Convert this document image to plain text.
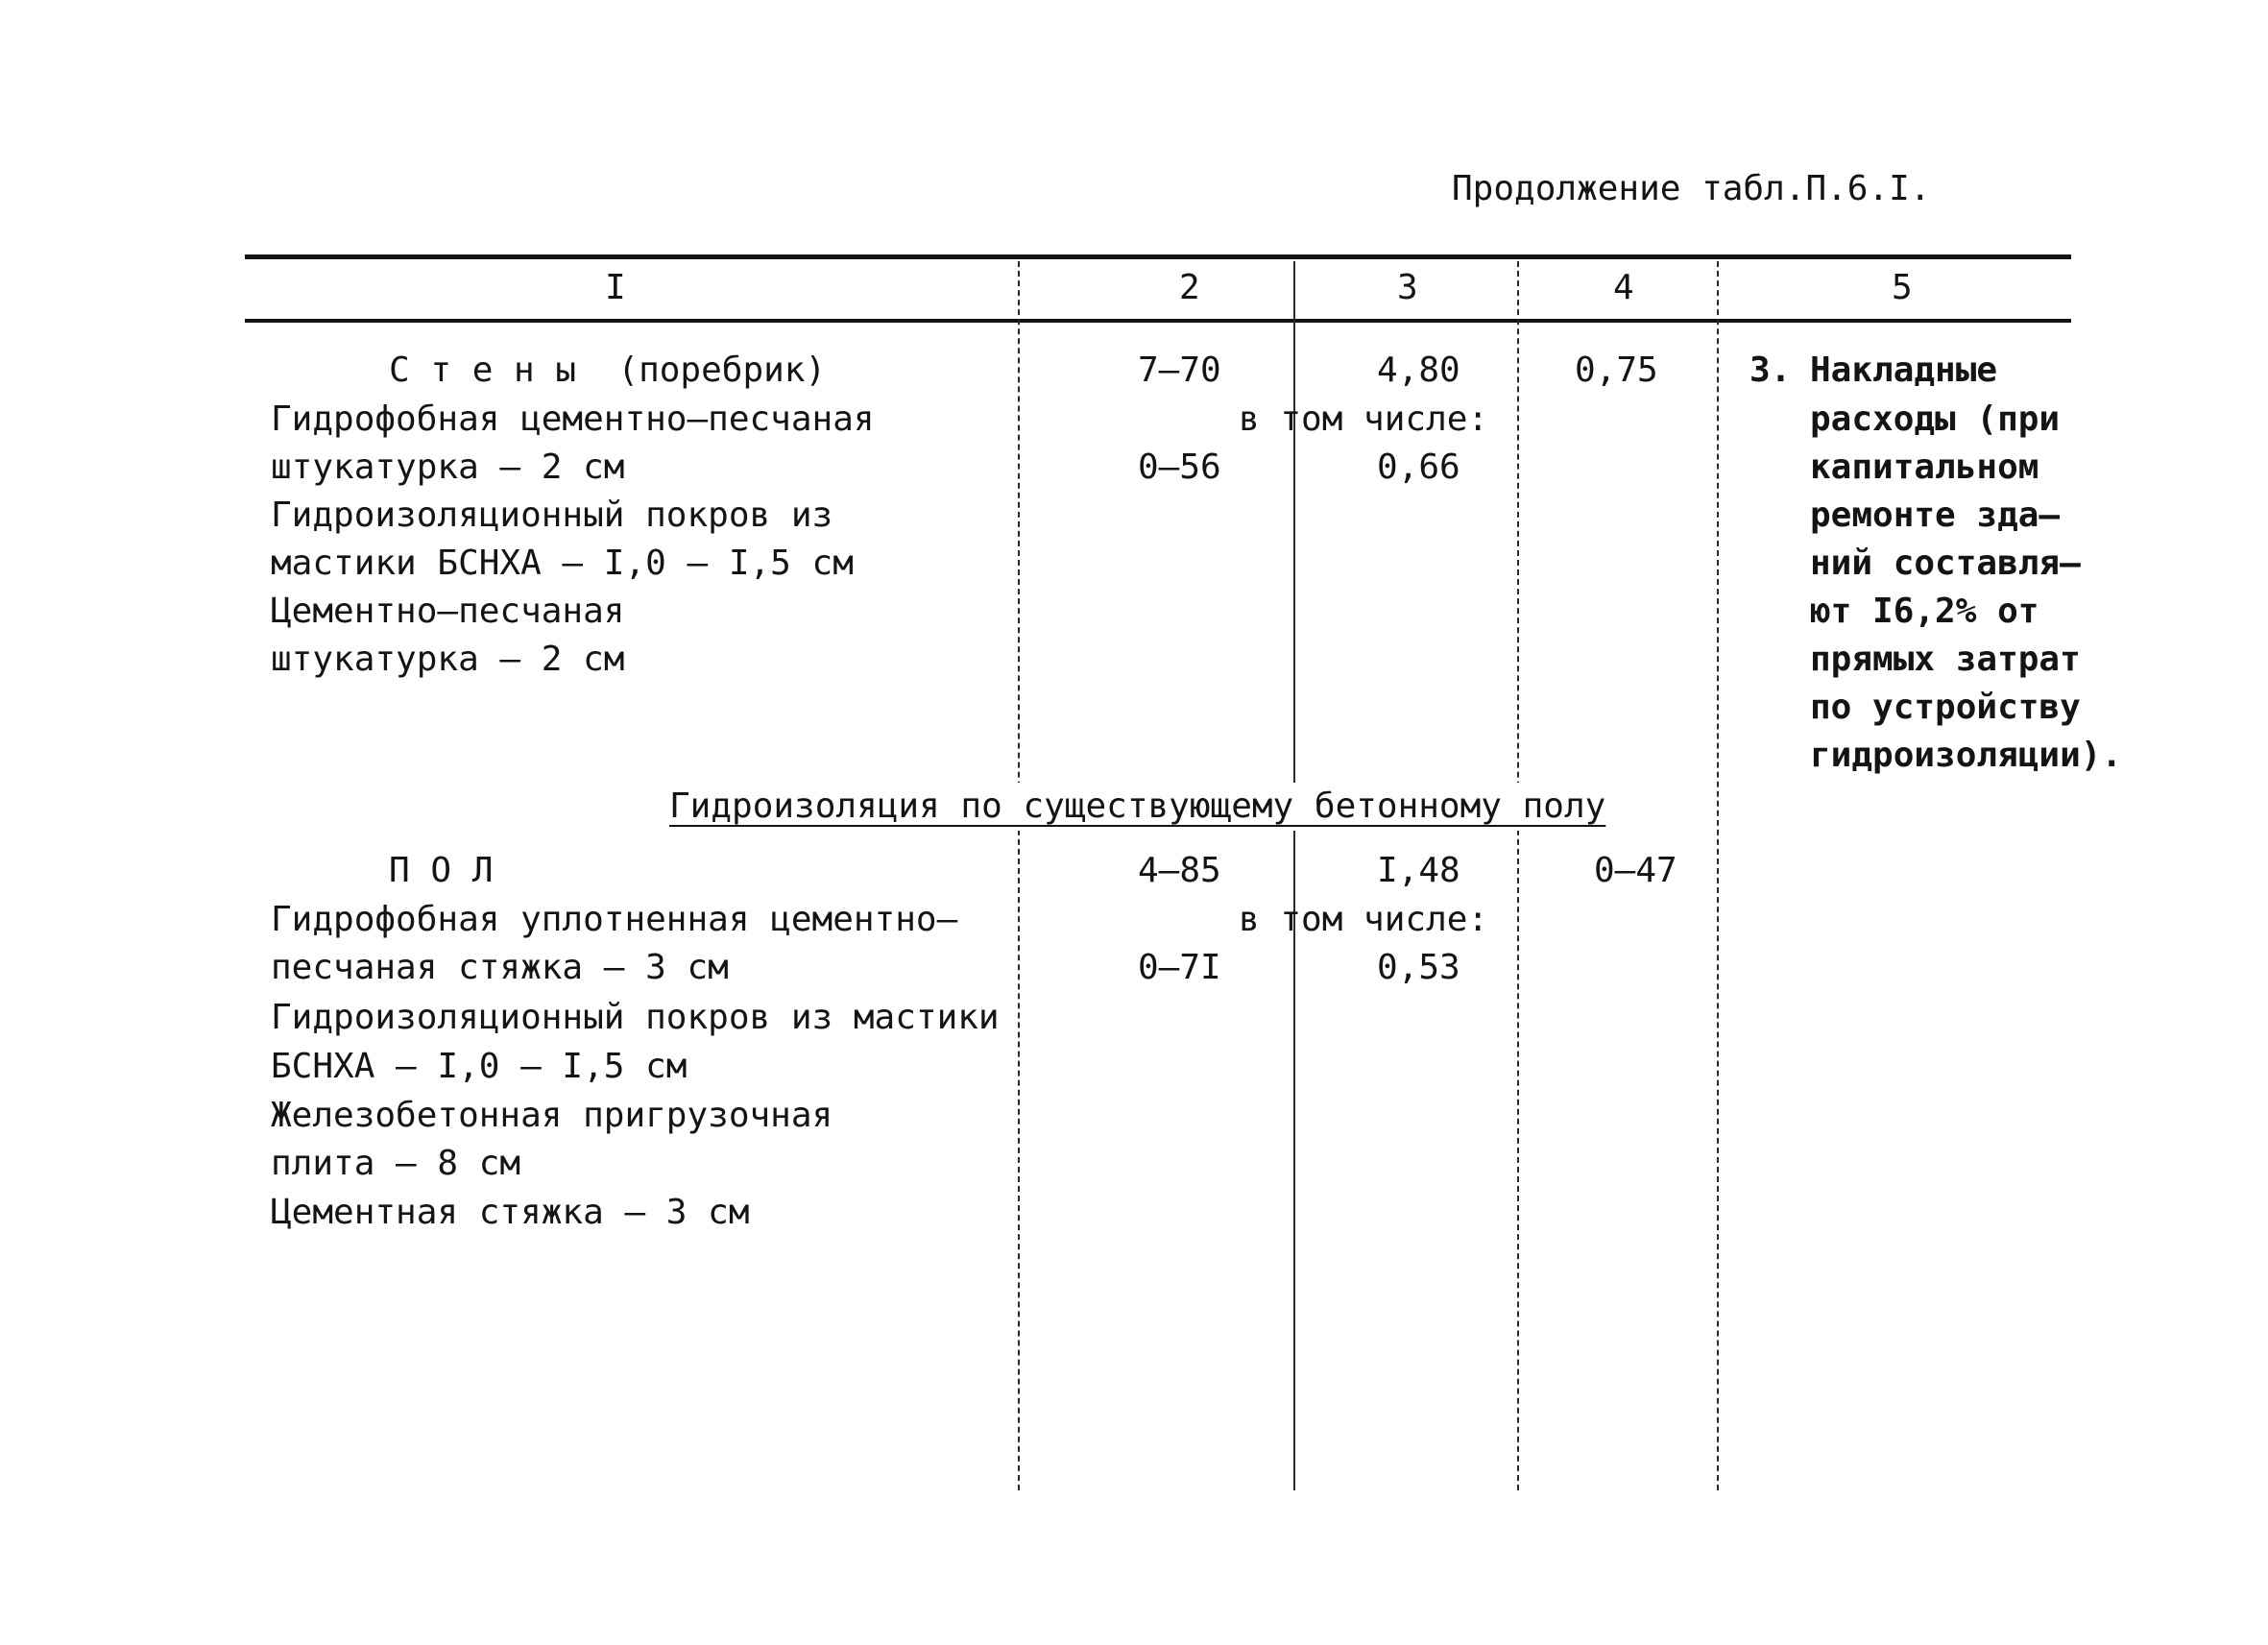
Продолжение табл.П.6.I.
I	2	3	4	5
С т е н ы  (поребрик)	7–70	4,80	0,75
Гидрофобная цементно–песчаная	в том числе:
штукатурка – 2 см	0–56	0,66
Гидроизоляционный покров из
мастики БСНХА – I,0 – I,5 см
Цементно–песчаная
штукатурка – 2 см
3. Накладные
расходы (при
капитальном
ремонте зда–
ний составля–
ют I6,2% от
прямых затрат
по устройству
гидроизоляции).
Гидроизоляция по существующему бетонному полу
П О Л	4–85	I,48	0–47
Гидрофобная уплотненная цементно–	в том числе:
песчаная стяжка – 3 см	0–7I	0,53
Гидроизоляционный покров из мастики
БСНХА – I,0 – I,5 см
Железобетонная пригрузочная
плита – 8 см
Цементная стяжка – 3 см
